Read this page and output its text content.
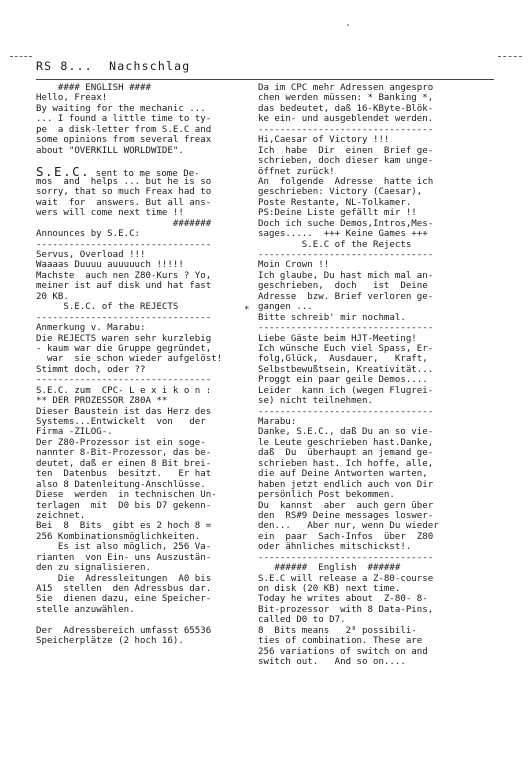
RS 8...  Nachschlag
#### ENGLISH ####
Hello, Freax!
By waiting for the mechanic ...
... I found a little time to ty-
pe  a disk-letter from S.E.C and
some opinions from several freax
about "OVERKILL WORLDWIDE".
S.E.C. sent to me some De-
mos  and  helps ... but he is so
sorry, that so much Freax had to
wait  for  answers. But all ans-
wers will come next time !!
#######
Announces by S.E.C:
--------------------------------
Servus, Overload !!!
Waaaas Duuuu auuuuuch !!!!!
Machste  auch nen Z80-Kurs ? Yo,
meiner ist auf disk und hat fast
20 KB.
S.E.C. of the REJECTS
--------------------------------
Anmerkung v. Marabu:
Die REJECTS waren sehr kurzlebig
- kaum war die Gruppe gegründet,
war  sie schon wieder aufgelöst!
Stimmt doch, oder ??
--------------------------------
S.E.C. zum  CPC- L e x i k o n :
** DER PROZESSOR Z80A **
Dieser Baustein ist das Herz des
Systems...Entwickelt  von   der
Firma -ZILOG-.
Der Z80-Prozessor ist ein soge-
nannter 8-Bit-Prozessor, das be-
deutet, daß er einen 8 Bit brei-
ten  Datenbus  besitzt.   Er hat
also 8 Datenleitung-Anschlüsse.
Diese  werden  in technischen Un-
terlagen  mit  D0 bis D7 gekenn-
zeichnet.
Bei  8  Bits  gibt es 2 hoch 8 =
256 Kombinationsmöglichkeiten.
Es ist also möglich, 256 Va-
rianten  von Ein- uns Auszustän-
den zu signalisieren.
Die  Adressleitungen  A0 bis
A15  stellen  den Adressbus dar.
Sie  dienen dazu, eine Speicher-
stelle anzuwählen.
Der  Adressbereich umfasst 65536
Speicherplätze (2 hoch 16).
*
Da im CPC mehr Adressen angespro
chen werden müssen: * Banking *,
das bedeutet, daß 16-KByte-Blök-
ke ein- und ausgeblendet werden.
--------------------------------
Hi,Caesar of Victory !!!
Ich  habe  Dir  einen  Brief ge-
schrieben, doch dieser kam unge-
öffnet zurück!
An  folgende  Adresse  hatte ich
geschrieben: Victory (Caesar),
Poste Restante, NL-Tolkamer.
PS:Deine Liste gefällt mir !!
Doch ich suche Demos,Intros,Mes-
sages.....  +++ Keine Games +++
S.E.C of the Rejects
--------------------------------
Moin Crown !!
Ich glaube, Du hast mich mal an-
geschrieben,  doch   ist  Deine
Adresse  bzw. Brief verloren ge-
gangen ...
Bitte schreib' mir nochmal.
--------------------------------
Liebe Gäste beim HJT-Meeting!
Ich wünsche Euch viel Spass, Er-
folg,Glück,  Ausdauer,   Kraft,
Selbstbewußtsein, Kreativität...
Proggt ein paar geile Demos....
Leider  kann ich (wegen Flugrei-
se) nicht teilnehmen.
--------------------------------
Marabu:
Danke, S.E.C., daß Du an so vie-
le Leute geschrieben hast.Danke,
daß  Du  überhaupt an jemand ge-
schrieben hast. Ich hoffe, alle,
die auf Deine Antworten warten,
haben jetzt endlich auch von Dir
persönlich Post bekommen.
Du  kannst  aber  auch gern über
den  RS#9 Deine messages loswer-
den...   Aber nur, wenn Du wieder
ein  paar  Sach-Infos  über  Z80
oder ähnliches mitschickst!.
--------------------------------
######  English  ######
S.E.C will release a Z-80-course
on disk (20 KB) next time.
Today he writes about  Z-80- 8-
Bit-prozessor  with 8 Data-Pins,
called D0 to D7.
8  Bits means   2⁸ possibili-
ties of combination. These are
256 variations of switch on and
switch out.   And so on....
